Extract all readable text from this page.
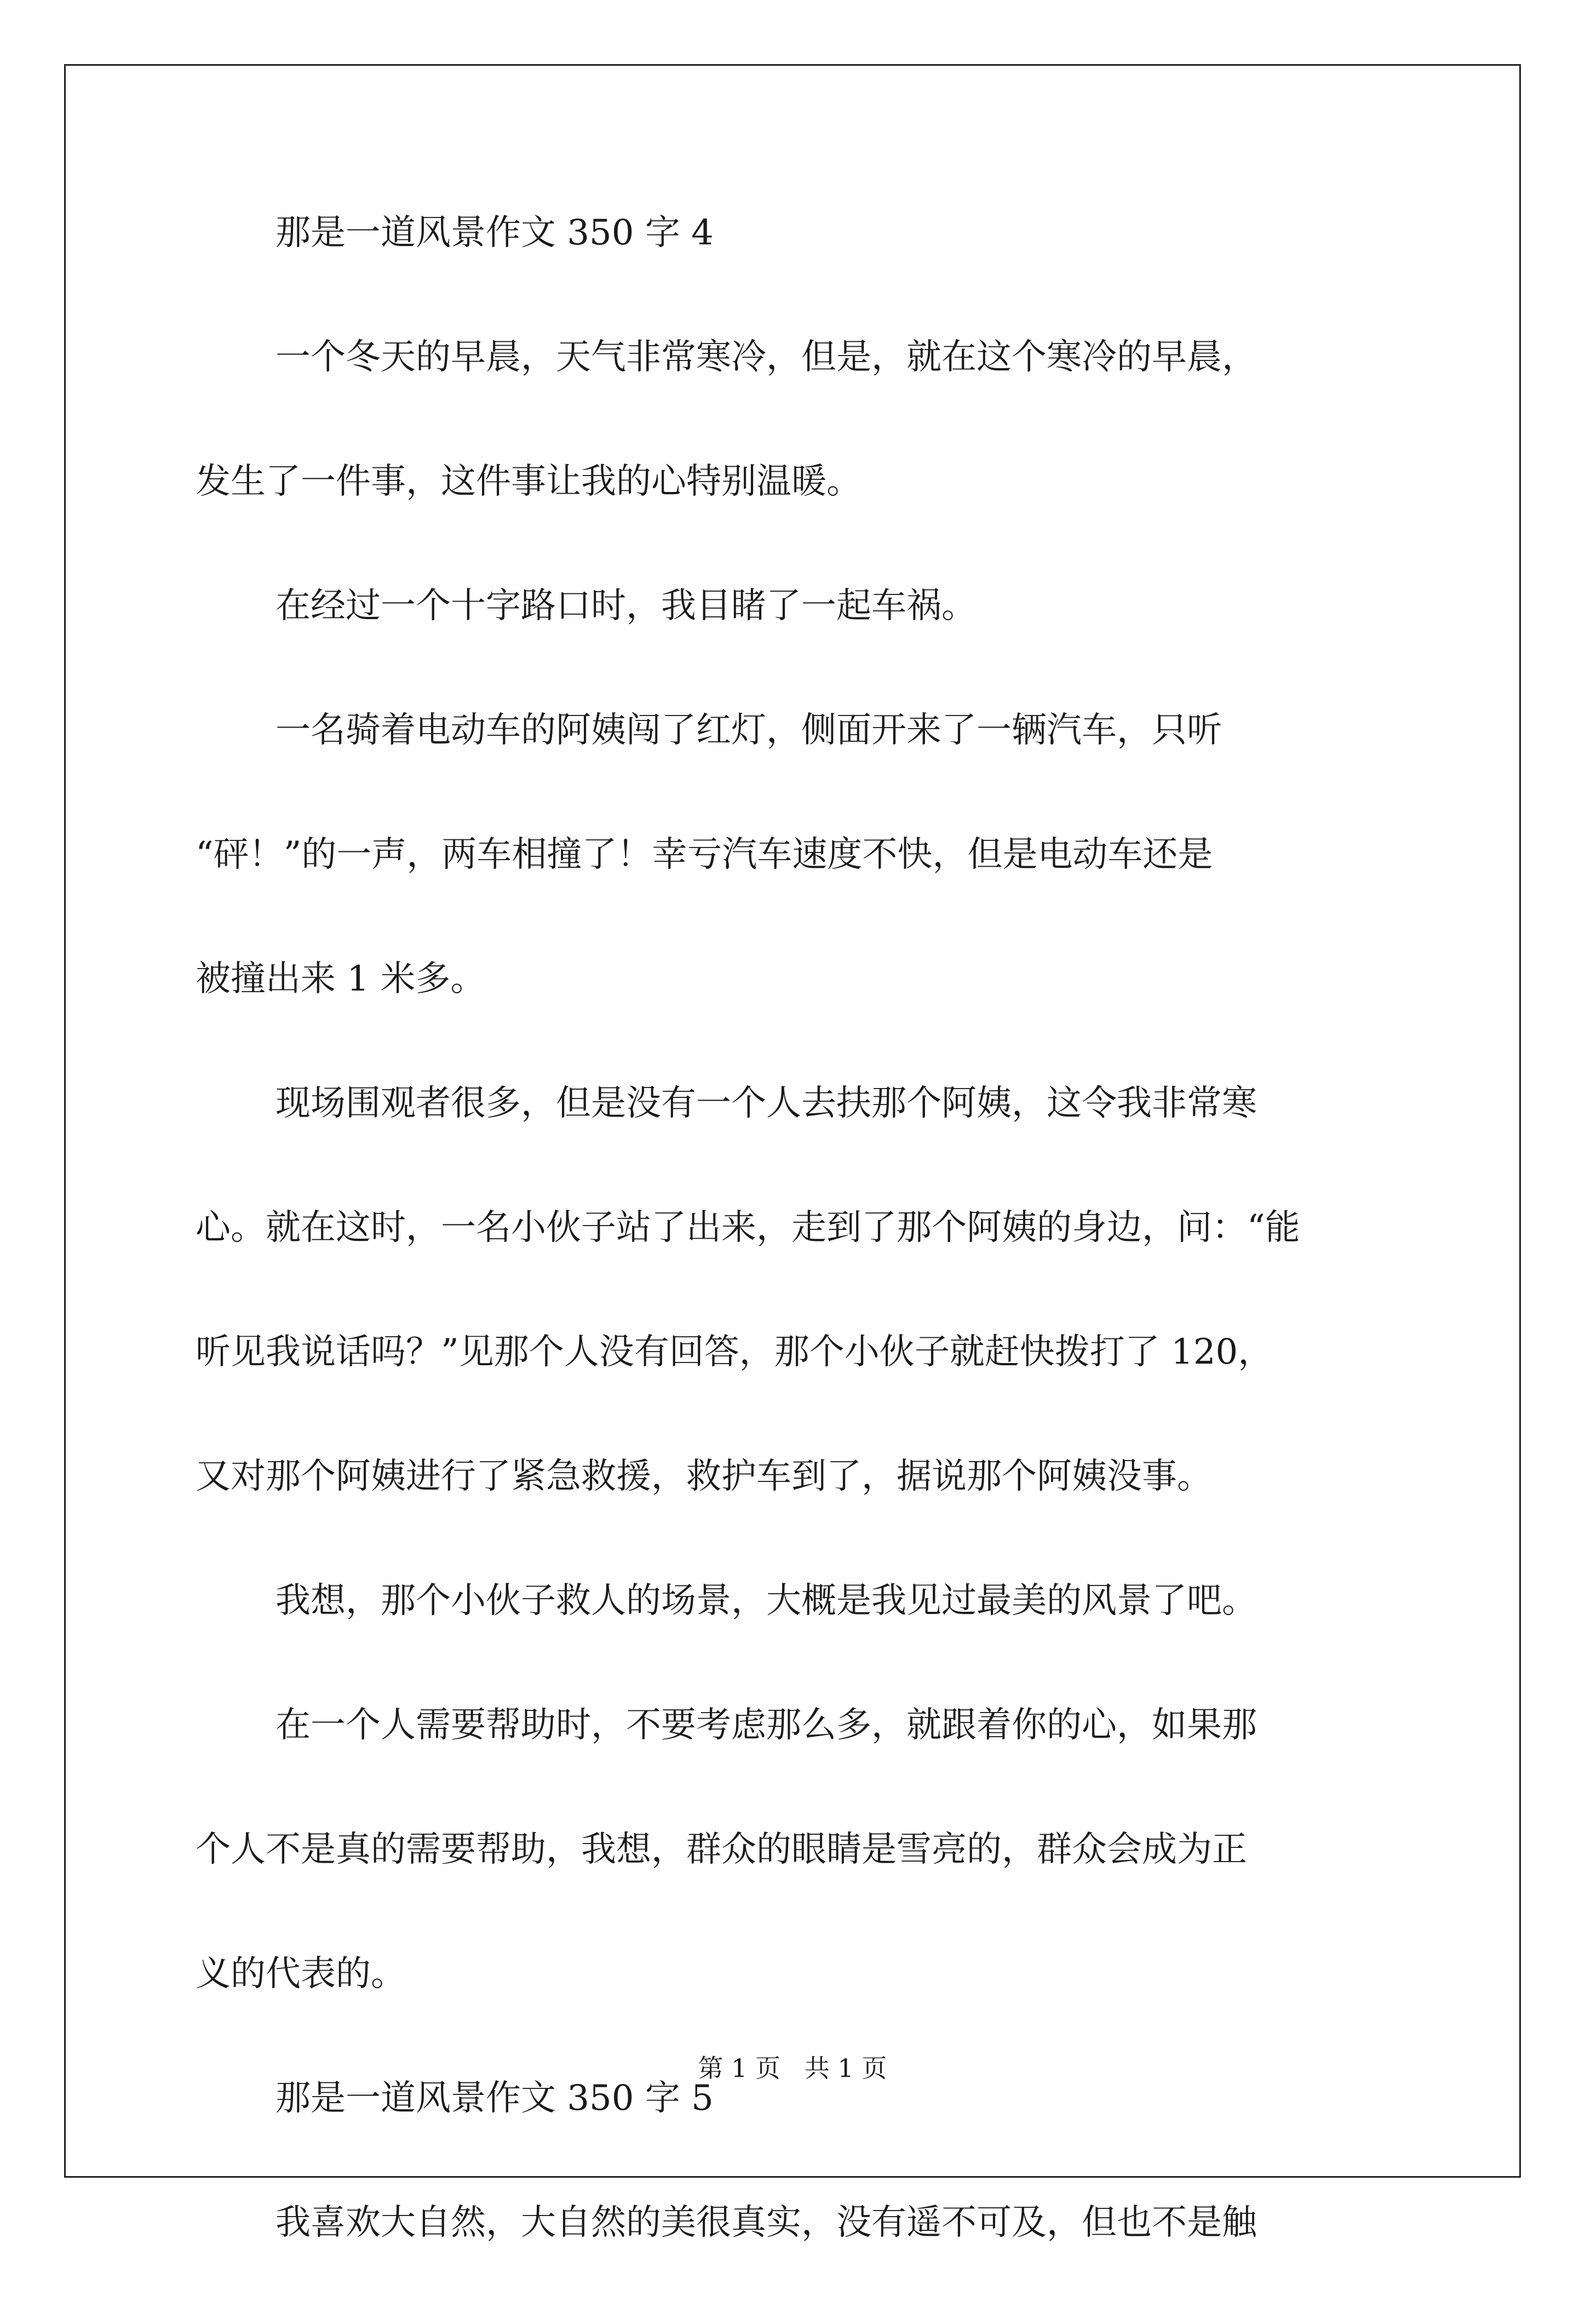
那是一道风景作文 350 字 4
一个冬天的早晨，天气非常寒冷，但是，就在这个寒冷的早晨，
发生了一件事，这件事让我的心特别温暖。
在经过一个十字路口时，我目睹了一起车祸。
一名骑着电动车的阿姨闯了红灯，侧面开来了一辆汽车，只听
“砰！”的一声，两车相撞了！幸亏汽车速度不快，但是电动车还是
被撞出来 1 米多。
现场围观者很多，但是没有一个人去扶那个阿姨，这令我非常寒
心。就在这时，一名小伙子站了出来，走到了那个阿姨的身边，问：“能
听见我说话吗？”见那个人没有回答，那个小伙子就赶快拨打了 120，
又对那个阿姨进行了紧急救援，救护车到了，据说那个阿姨没事。
我想，那个小伙子救人的场景，大概是我见过最美的风景了吧。
在一个人需要帮助时，不要考虑那么多，就跟着你的心，如果那
个人不是真的需要帮助，我想，群众的眼睛是雪亮的，群众会成为正
义的代表的。
那是一道风景作文 350 字 5
我喜欢大自然，大自然的美很真实，没有遥不可及，但也不是触
第 1 页   共 1 页
